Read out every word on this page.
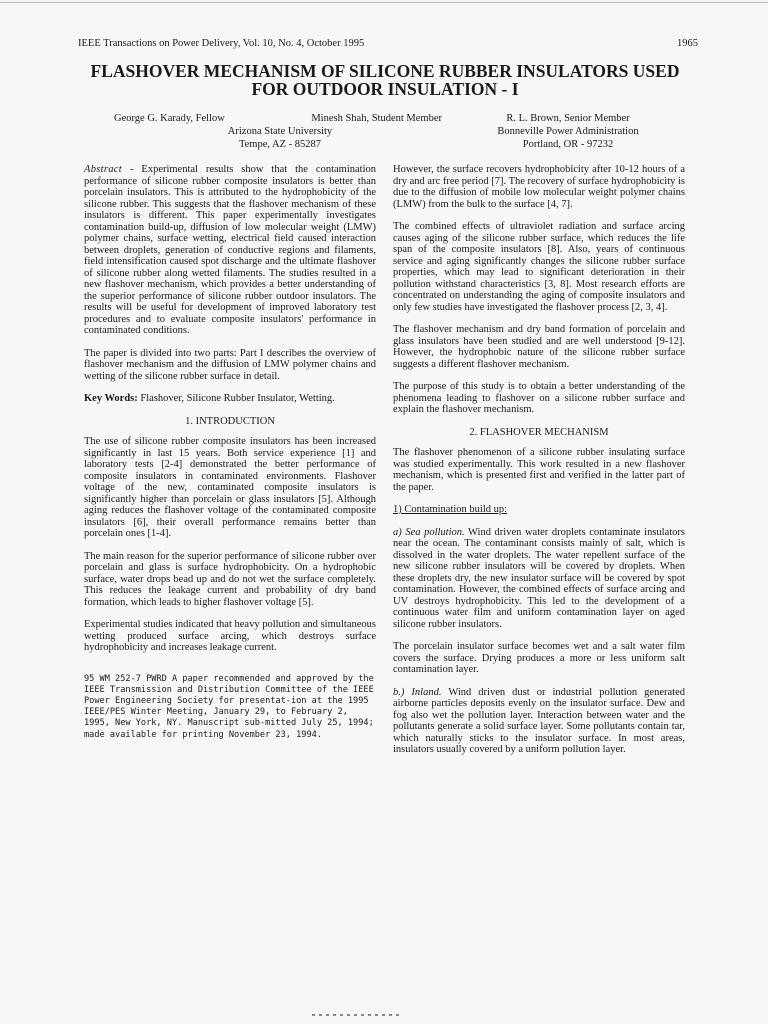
IEEE Transactions on Power Delivery, Vol. 10, No. 4, October 1995	1965
FLASHOVER MECHANISM OF SILICONE RUBBER INSULATORS USED
FOR OUTDOOR INSULATION - I
George G. Karady, Fellow	Minesh Shah, Student Member
Arizona State University
Tempe, AZ - 85287
R. L. Brown, Senior Member
Bonneville Power Administration
Portland, OR - 97232

Abstract - Experimental results show that the contamination performance of silicone rubber composite insulators is better than porcelain insulators. This is attributed to the hydrophobicity of the silicone rubber. This suggests that the flashover mechanism of these insulators is different. This paper experimentally investigates contamination build-up, diffusion of low molecular weight (LMW) polymer chains, surface wetting, electrical field caused interaction between droplets, generation of conductive regions and filaments, field intensification caused spot discharge and the ultimate flashover of silicone rubber along wetted filaments. The studies resulted in a new flashover mechanism, which provides a better understanding of the superior performance of silicone rubber outdoor insulators. The results will be useful for development of improved laboratory test procedures and to evaluate composite insulators' performance in contaminated conditions.

The paper is divided into two parts: Part I describes the overview of flashover mechanism and the diffusion of LMW polymer chains and wetting of the silicone rubber surface in detail.

Key Words: Flashover, Silicone Rubber Insulator, Wetting.

1. INTRODUCTION

The use of silicone rubber composite insulators has been increased significantly in last 15 years. Both service experience [1] and laboratory tests [2-4] demonstrated the better performance of composite insulators in contaminated environments. Flashover voltage of the new, contaminated composite insulators is significantly higher than porcelain or glass insulators [5]. Although aging reduces the flashover voltage of the contaminated composite insulators [6], their overall performance remains better than porcelain ones [1-4].

The main reason for the superior performance of silicone rubber over porcelain and glass is surface hydrophobicity. On a hydrophobic surface, water drops bead up and do not wet the surface completely. This reduces the leakage current and probability of dry band formation, which leads to higher flashover voltage [5].

Experimental studies indicated that heavy pollution and simultaneous wetting produced surface arcing, which destroys surface hydrophobicity and increases leakage current.

95 WM 252-7 PWRD A paper recommended and approved by the IEEE Transmission and Distribution Committee of the IEEE Power Engineering Society for presentat-ion at the 1995 IEEE/PES Winter Meeting, January 29, to February 2, 1995, New York, NY. Manuscript sub-mitted July 25, 1994; made available for printing November 23, 1994.

However, the surface recovers hydrophobicity after 10-12 hours of a dry and arc free period [7]. The recovery of surface hydrophobicity is due to the diffusion of mobile low molecular weight polymer chains (LMW) from the bulk to the surface [4, 7].

The combined effects of ultraviolet radiation and surface arcing causes aging of the silicone rubber surface, which reduces the life span of the composite insulators [8]. Also, years of continuous service and aging significantly changes the silicone rubber surface properties, which may lead to significant deterioration in their pollution withstand characteristics [3, 8]. Most research efforts are concentrated on understanding the aging of composite insulators and only few studies have investigated the flashover process [2, 3, 4].

The flashover mechanism and dry band formation of porcelain and glass insulators have been studied and are well understood [9-12]. However, the hydrophobic nature of the silicone rubber surface suggests a different flashover mechanism.

The purpose of this study is to obtain a better understanding of the phenomena leading to flashover on a silicone rubber surface and explain the flashover mechanism.

2. FLASHOVER MECHANISM

The flashover phenomenon of a silicone rubber insulating surface was studied experimentally. This work resulted in a new flashover mechanism, which is presented first and verified in the latter part of the paper.

1) Contamination build up:

a) Sea pollution. Wind driven water droplets contaminate insulators near the ocean. The contaminant consists mainly of salt, which is dissolved in the water droplets. The water repellent surface of the new silicone rubber insulators will be covered by droplets. When these droplets dry, the new insulator surface will be covered by spot contamination. However, the combined effects of surface arcing and UV destroys hydrophobicity. This led to the development of a continuous water film and uniform contamination layer on aged silicone rubber insulators.

The porcelain insulator surface becomes wet and a salt water film covers the surface. Drying produces a more or less uniform salt contamination layer.

b.) Inland. Wind driven dust or industrial pollution generated airborne particles deposits evenly on the insulator surface. Dew and fog also wet the pollution layer. Interaction between water and the pollutants generate a solid surface layer. Some pollutants contain tar, which naturally sticks to the insulator surface. In most areas, insulators usually covered by a uniform pollution layer.
